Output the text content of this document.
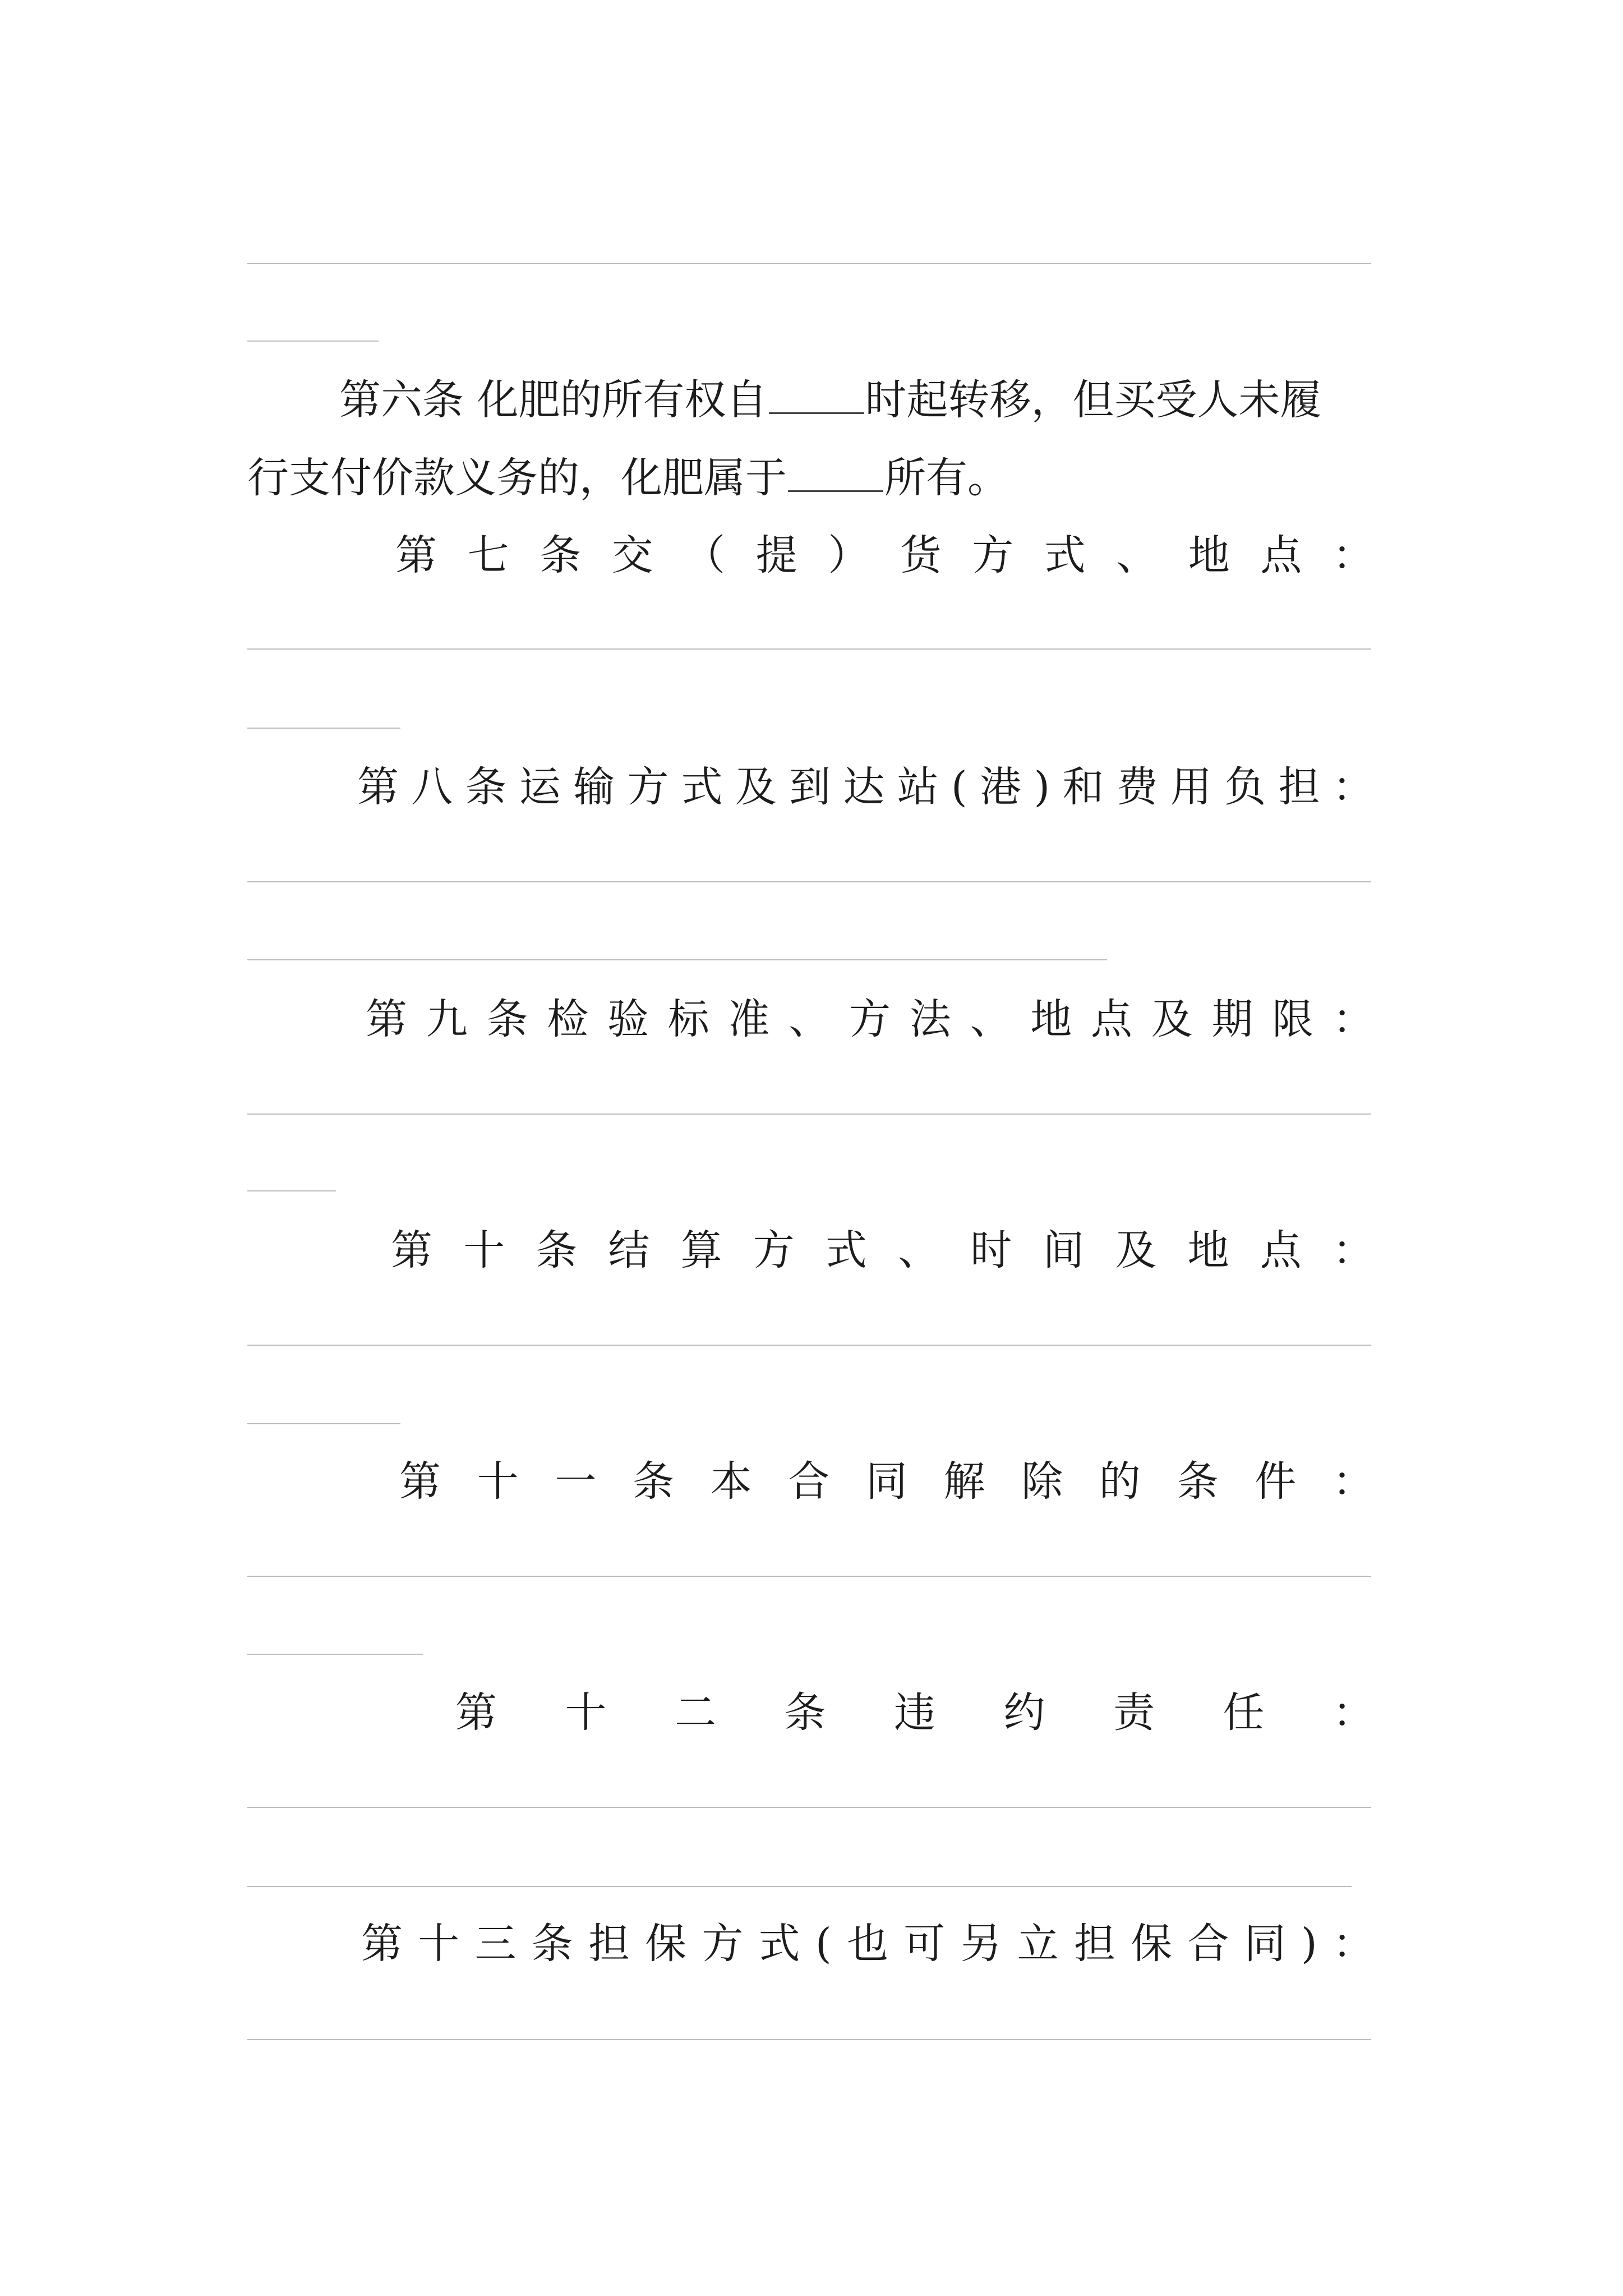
第六条 化肥的所有权自 时起转移，但买受人未履
行支付价款义务的，化肥属于 所有。
第 七 条 交 （ 提 ） 货 方 式 、 地 点 ：
第 八 条 运 输 方 式 及 到 达 站 ( 港 ) 和 费 用 负 担 ：
第 九 条 检 验 标 准 、 方 法 、 地 点 及 期 限 ：
第 十 条 结 算 方 式 、 时 间 及 地 点 ：
第 十 一 条 本 合 同 解 除 的 条 件 ：
第 十 二 条 违 约 责 任 ：
第 十 三 条 担 保 方 式 ( 也 可 另 立 担 保 合 同 ) ：
